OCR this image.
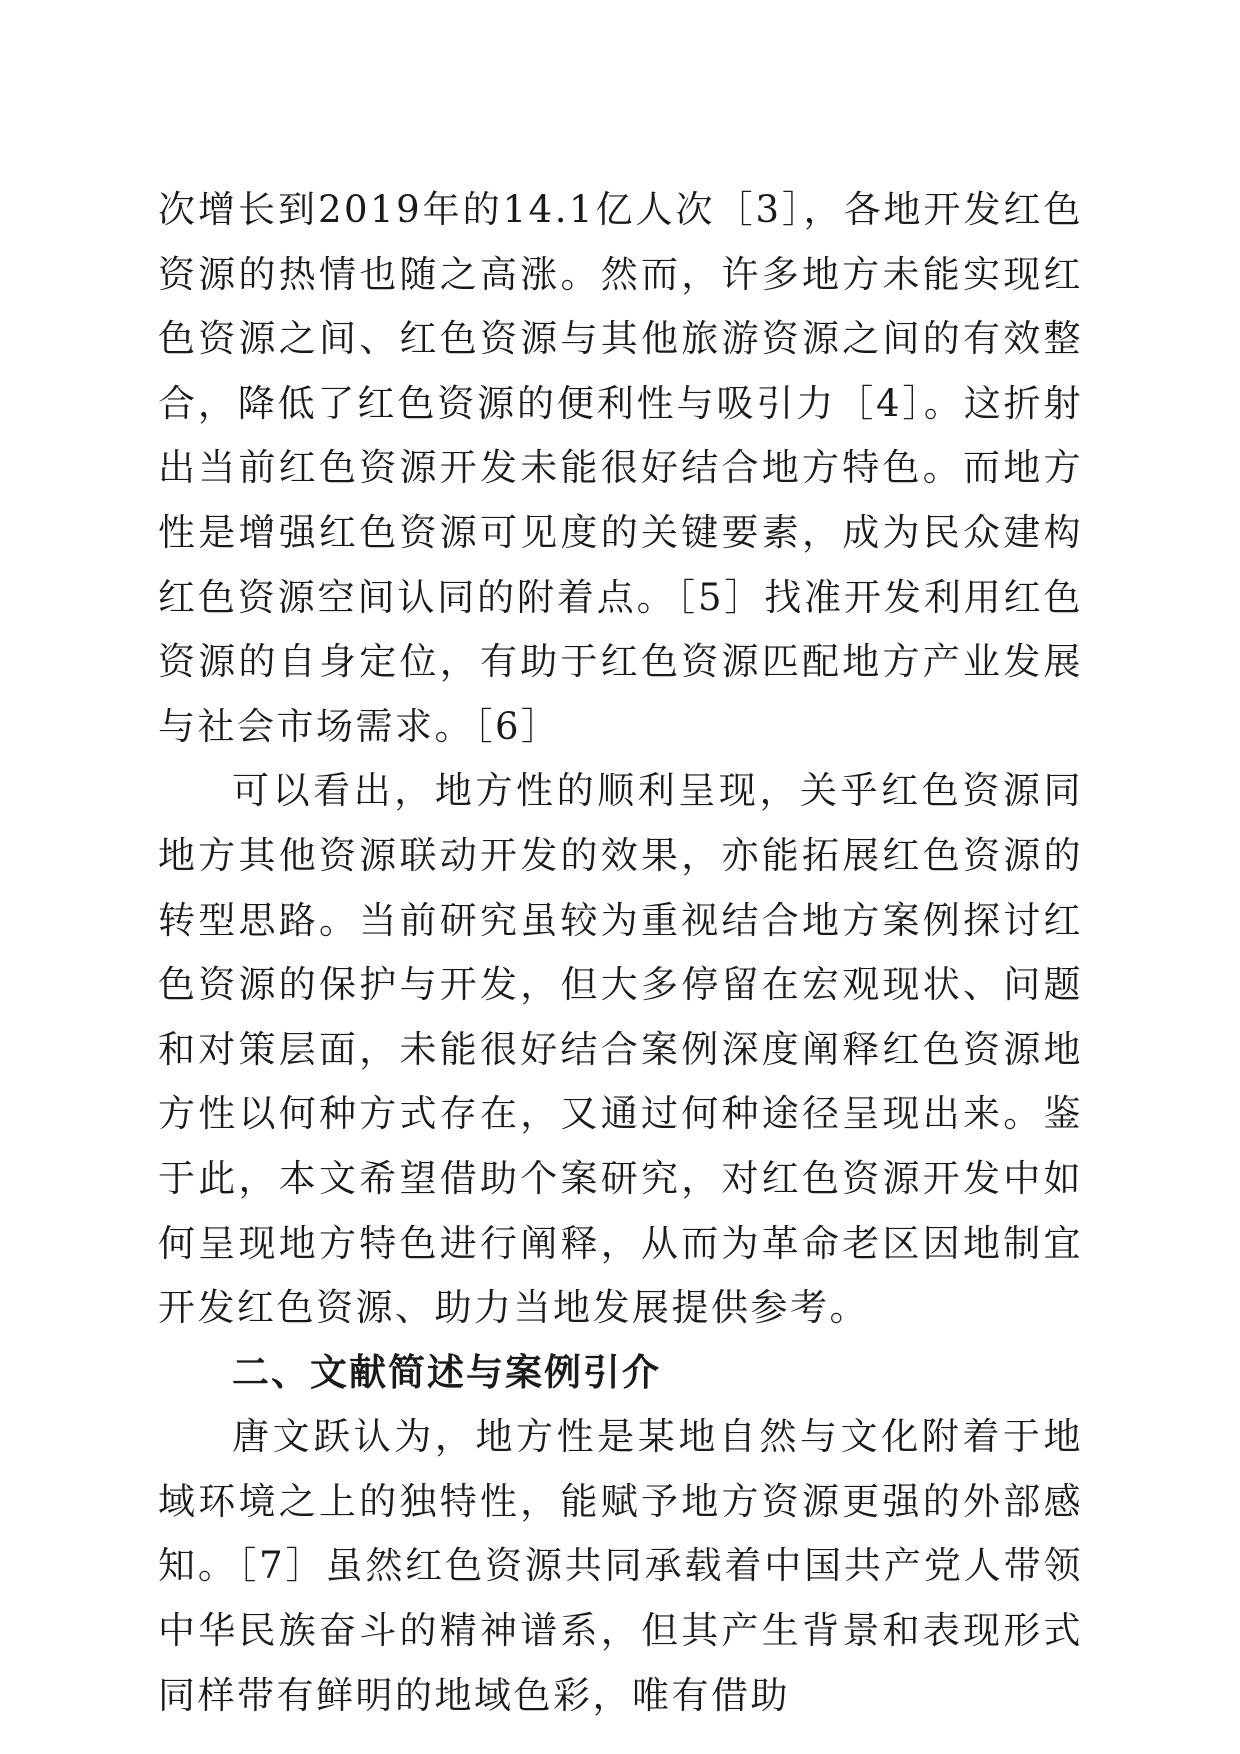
次增长到2019年的14.1亿人次［3］，各地开发红色资源的热情也随之高涨。然而，许多地方未能实现红色资源之间、红色资源与其他旅游资源之间的有效整合，降低了红色资源的便利性与吸引力［4］。这折射出当前红色资源开发未能很好结合地方特色。而地方性是增强红色资源可见度的关键要素，成为民众建构红色资源空间认同的附着点。［5］找准开发利用红色资源的自身定位，有助于红色资源匹配地方产业发展与社会市场需求。［6］

可以看出，地方性的顺利呈现，关乎红色资源同地方其他资源联动开发的效果，亦能拓展红色资源的转型思路。当前研究虽较为重视结合地方案例探讨红色资源的保护与开发，但大多停留在宏观现状、问题和对策层面，未能很好结合案例深度阐释红色资源地方性以何种方式存在，又通过何种途径呈现出来。鉴于此，本文希望借助个案研究，对红色资源开发中如何呈现地方特色进行阐释，从而为革命老区因地制宜开发红色资源、助力当地发展提供参考。

二、文献简述与案例引介

唐文跃认为，地方性是某地自然与文化附着于地域环境之上的独特性，能赋予地方资源更强的外部感知。［7］虽然红色资源共同承载着中国共产党人带领中华民族奋斗的精神谱系，但其产生背景和表现形式同样带有鲜明的地域色彩，唯有借助
